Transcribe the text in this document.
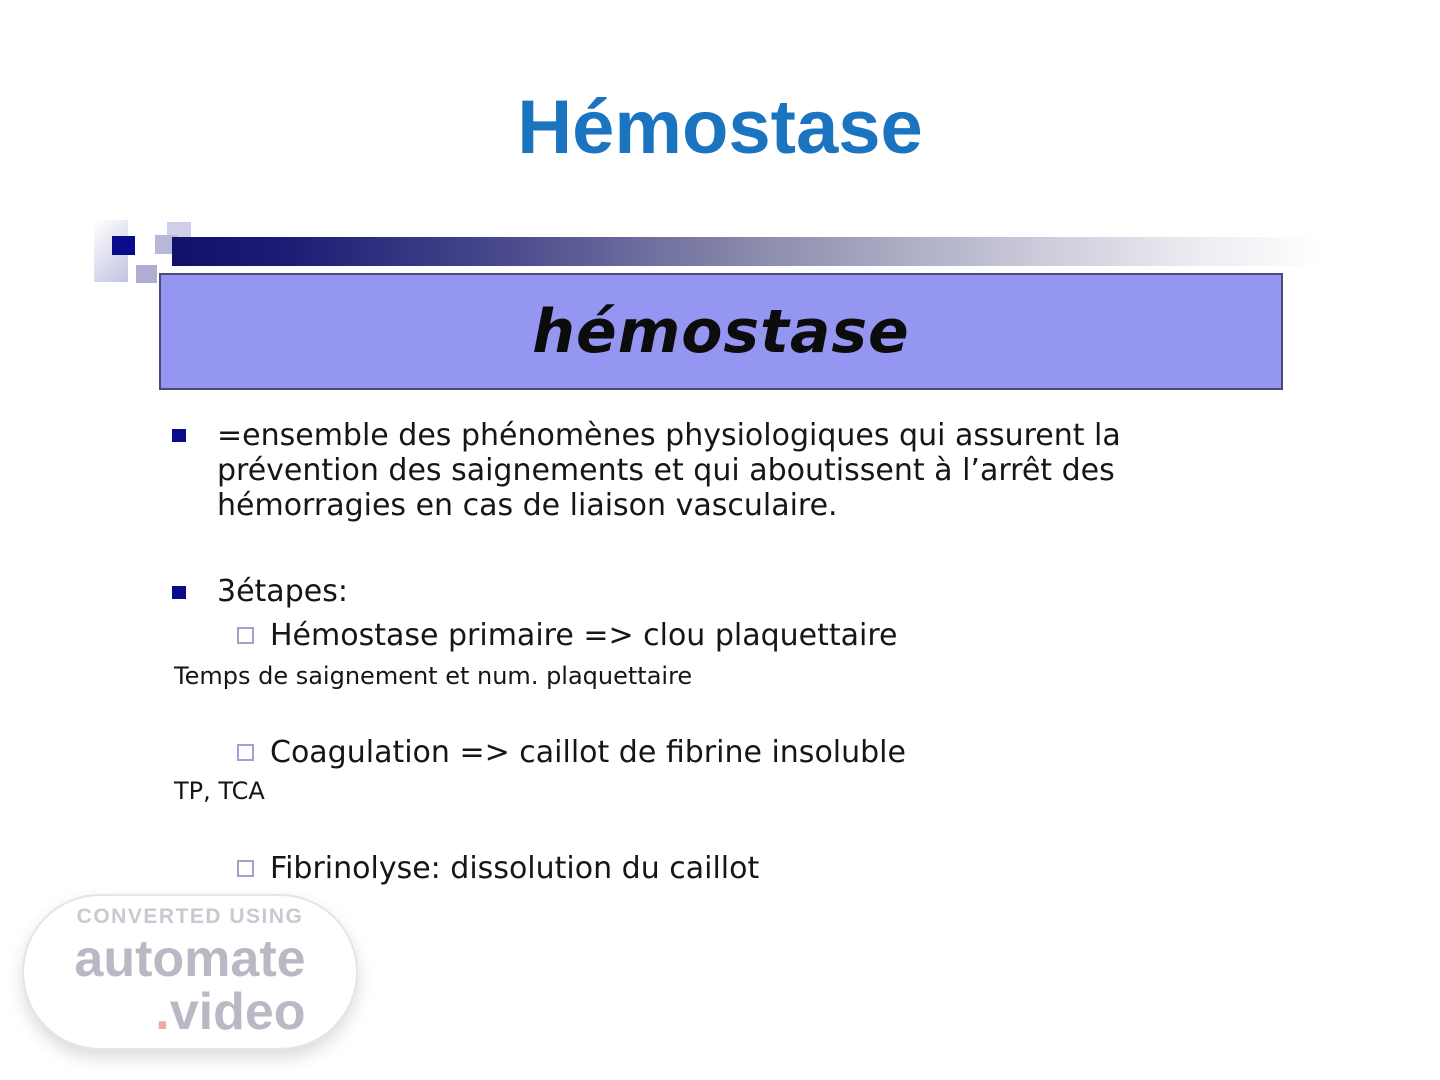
Hémostase
hémostase
=ensemble des phénomènes physiologiques qui assurent la
prévention des saignements et qui aboutissent à l’arrêt des
hémorragies en cas de liaison vasculaire.
3étapes:
Hémostase primaire => clou plaquettaire
Temps de saignement et num. plaquettaire
Coagulation => caillot de fibrine insoluble
TP, TCA
Fibrinolyse: dissolution du caillot
CONVERTED USING
automate
.video
